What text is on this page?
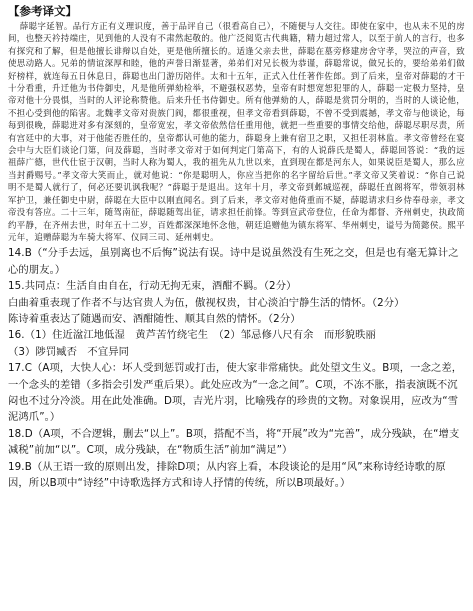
【参考译文】

薛聪字延智。品行方正有义理识度，善于品评自己（很看高自己），不随便与人交往。即使在家中，也从未不见的房间，也整天衿持端庄，见到他的人没有不肃然起敬的。他广泛阅览古代典籍，精力超过常人，以至于前人的言行，也多有探究和了解，但是他擅长诽辩以自处，更是他所擅长的。适逢父亲去世，薛聪在墓旁修建房舍守孝，哭泣的声音，致使思动路人。兄弟的情谊深厚和睦，他的声誉日渐显著，弟弟们对兄长极为恭谨，薛聪常说，做兄长的，要给弟弟们做好榜样，就连每五日休息日，薛聪也出门游历陪伴。太和十五年，正式入仕任著作佐郎。到了后来，皇帝对薛聪的才干十分看重，升迁他为书侍御史，凡是他所弹劾检举，不避强权恶势，皇帝有时想宽恕犯罪的人，薛聪一定极力坚持，皇帝对他十分畏惧，当时的人评论称赞他。后来升任书侍御史。所有他弹劾的人，薛聪是赏罚分明的，当时的人谈论他，不担心受到他的陷害。北魏孝文帝对贵族门阀，都很重视，但孝文帝看到薛聪，不曾不受到震撼，孝文帝与他谈论，每每到很晚，薛聪进对多有深刻的，皇帝宽宏，孝文帝依然信任重用他，就把一些重要的事情交给他，薛聪尽职尽责，所有宫廷中的大事，对于他能否胜任的，皇帝都认可他的能力，薛聪身上兼有宿卫之职，又担任羽林监。孝文帝曾经在宴会中与大臣们谈论门第，问及薛聪，当时孝文帝对于如何判定门第高下，有的人说薛氏是蜀人，薛聪回答说：“我的远祖薛广德，世代仕宦于汉朝，当时人称为蜀人，我的祖先从九世以来，直到现在都是河东人，如果说臣是蜀人，那么应当封爵赐号。”孝文帝大笑而止，就对他说：“你是聪明人，你应当把你的名字留给后世。”孝文帝又笑着说：“你自己说明不是蜀人就行了，何必还要讥讽我呢？”薛聪于是退出。这年十月，孝文帝到邺城巡视，薛聪任直阁将军，带领羽林军护卫，兼任御史中尉，薛聪在大臣中以刚直闻名。到了后来，孝文帝对他倚重而不疑，薛聪请求归乡侍奉母亲，孝文帝没有答应。二十三年，随驾南征，薛聪随驾出征，请求担任前锋。等到宣武帝登位，任命为都督、齐州刺史，执政简约平静，在齐州去世，时年五十二岁，百姓都深深地怀念他，朝廷追赠他为镇东将军、华州刺史，谥号为简懿侯。熙平元年，追赠薛聪为车骑大将军、仪同三司、延州刺史。

14.B（“分手去远，虽别离也不后悔”说法有误。诗中是说虽然没有生死之交，但是也有毫无算计之心的朋友。）
15.共同点：生活自由自在，行动无拘无束，酒酣不羁。（2分）
白曲着重表现了作者不与达官贵人为伍，傲视权贵，甘心淡泊宁静生活的情怀。（2分）
陈诗着重表达了随遇而安、酒酣随性、顺其自然的情怀。（2分）
16.（1）住近湓江地低湿　黄芦苦竹绕宅生　（2）邹忌修八尺有余　而形貌昳丽
（3）陟罚臧否　不宜异同
17.C（A项，大快人心：坏人受到惩罚或打击，使大家非常痛快。此处望文生义。B项，一念之差，一个念头的差错（多指会引发严重后果）。此处应改为“一念之间”。C项，不冻不胀，指表演既不沉闷也不过分冷淡。用在此处准确。D项，吉光片羽，比喻残存的珍贵的文物。对象误用，应改为“雪泥鸿爪”。）
18.D（A项，不合逻辑，删去“以上”。B项，搭配不当，将“开展”改为“完善”，成分残缺，在“增支减税”前加“以”。C项，成分残缺，在“物质生活”前加“满足”）
19.B（从王语一致的原则出发，排除D项；从内容上看，本段谈论的是用“风”来称诗经诗歌的原因，所以B项中“诗经”中诗歌选择方式和诗人抒情的传统，所以B项最好。）
